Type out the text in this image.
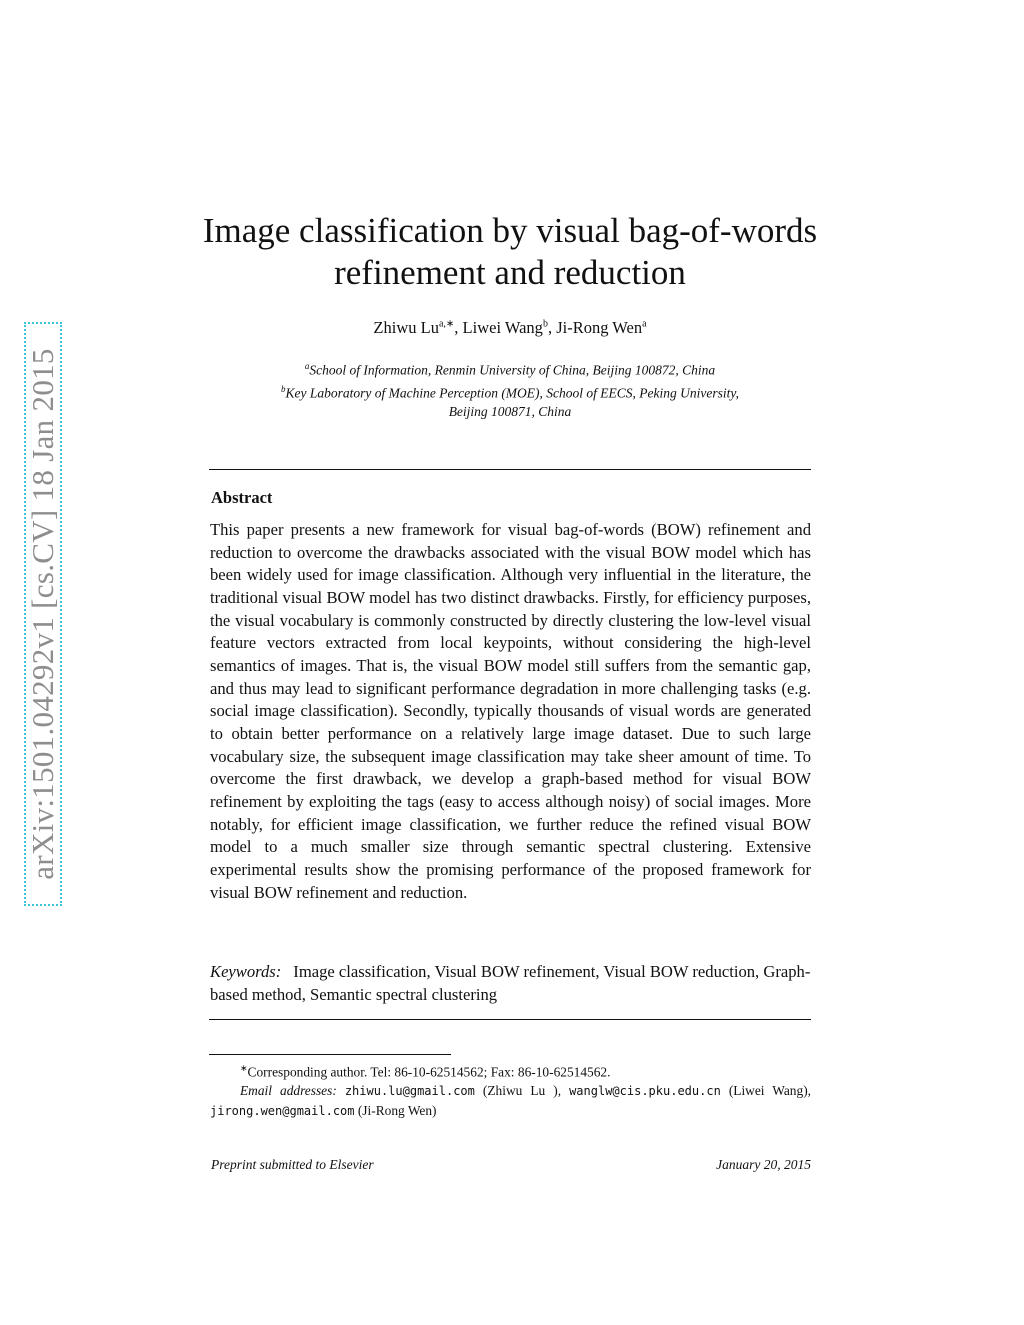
arXiv:1501.04292v1 [cs.CV] 18 Jan 2015
Image classification by visual bag-of-words
refinement and reduction
Zhiwu $Lu^{a,∗}$, Liwei Wang$^b$, Ji-Rong Wen$^a$
$^a$School of Information, Renmin University of China, Beijing 100872, China
$^b$Key Laboratory of Machine Perception (MOE), School of EECS, Peking University,
Beijing 100871, China
Abstract
This paper presents a new framework for visual bag-of-words (BOW) refinement and reduction to overcome the drawbacks associated with the visual BOW model which has been widely used for image classification. Although very influential in the literature, the traditional visual BOW model has two distinct drawbacks. Firstly, for efficiency purposes, the visual vocabulary is commonly constructed by directly clustering the low-level visual feature vectors extracted from local keypoints, without considering the high-level semantics of images. That is, the visual BOW model still suffers from the semantic gap, and thus may lead to significant performance degradation in more challenging tasks (e.g. social image classification). Secondly, typically thousands of visual words are generated to obtain better performance on a relatively large image dataset. Due to such large vocabulary size, the subsequent image classification may take sheer amount of time. To overcome the first drawback, we develop a graph-based method for visual BOW refinement by exploiting the tags (easy to access although noisy) of social images. More notably, for efficient image classification, we further reduce the refined visual BOW model to a much smaller size through semantic spectral clustering. Extensive experimental results show the promising performance of the proposed framework for visual BOW refinement and reduction.
Keywords: Image classification, Visual BOW refinement, Visual BOW reduction, Graph-based method, Semantic spectral clustering
∗Corresponding author. Tel: 86-10-62514562; Fax: 86-10-62514562.
Email addresses: zhiwu.lu@gmail.com (Zhiwu Lu ), wanglw@cis.pku.edu.cn (Liwei Wang), jirong.wen@gmail.com (Ji-Rong Wen)
Preprint submitted to Elsevier	January 20, 2015
